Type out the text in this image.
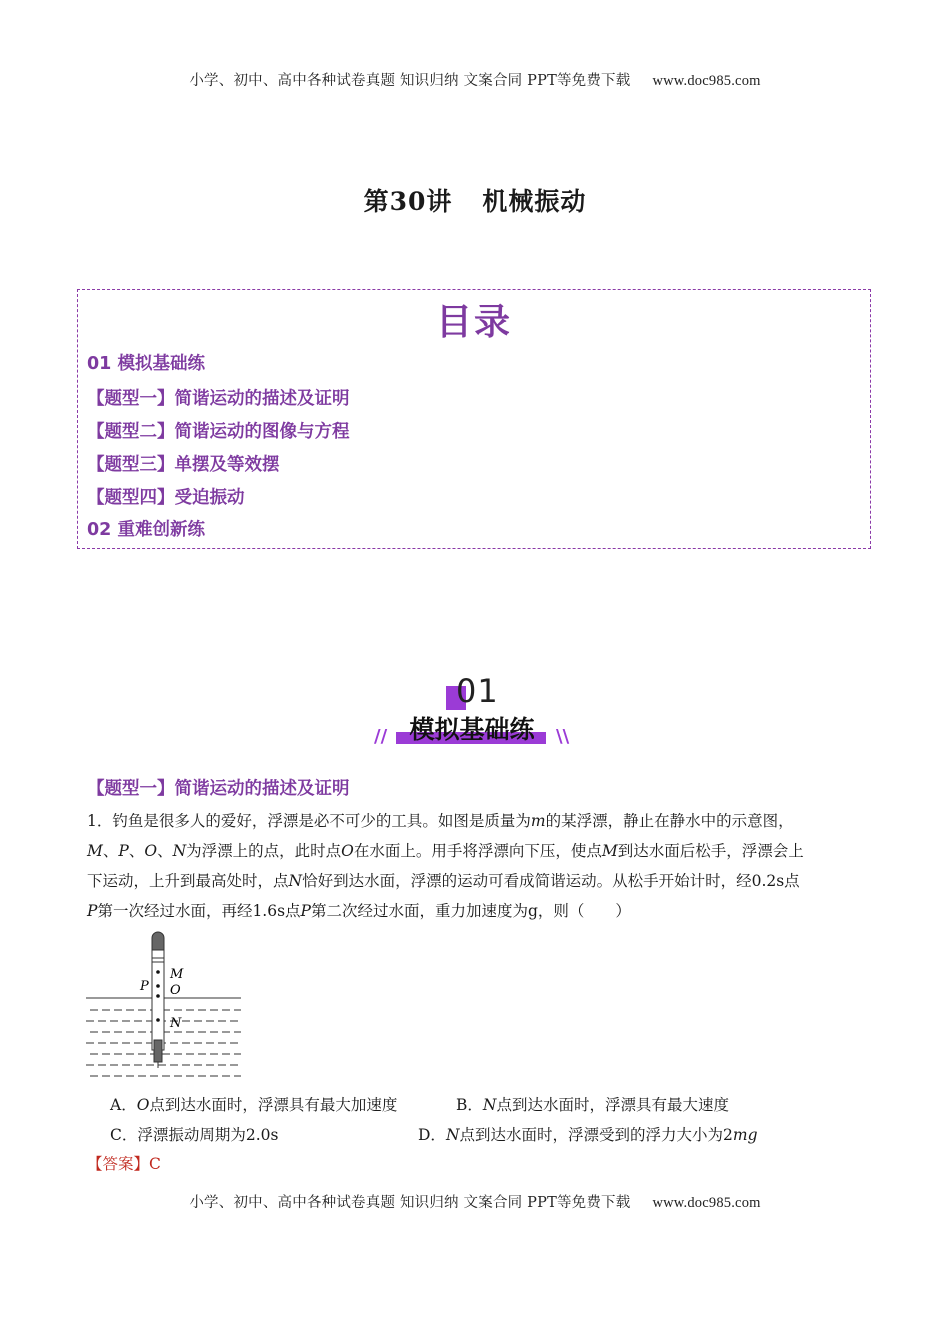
小学、初中、高中各种试卷真题 知识归纳 文案合同 PPT等免费下载 www.doc985.com
第30讲 机械振动
目录
01 模拟基础练
【题型一】简谐运动的描述及证明
【题型二】简谐运动的图像与方程
【题型三】单摆及等效摆
【题型四】受迫振动
02 重难创新练
01
模拟基础练
//	\\
【题型一】简谐运动的描述及证明
1．钓鱼是很多人的爱好，浮漂是必不可少的工具。如图是质量为m的某浮漂，静止在静水中的示意图，
M、P、O、N为浮漂上的点，此时点O在水面上。用手将浮漂向下压，使点M到达水面后松手，浮漂会上
下运动，上升到最高处时，点N恰好到达水面，浮漂的运动可看成简谐运动。从松手开始计时，经0.2s点
P第一次经过水面，再经1.6s点P第二次经过水面，重力加速度为g，则（　　）
M
O
P
N
A．O点到达水面时，浮漂具有最大加速度	B．N点到达水面时，浮漂具有最大速度
C．浮漂振动周期为2.0s	D．N点到达水面时，浮漂受到的浮力大小为2mg
【答案】C
小学、初中、高中各种试卷真题 知识归纳 文案合同 PPT等免费下载 www.doc985.com
